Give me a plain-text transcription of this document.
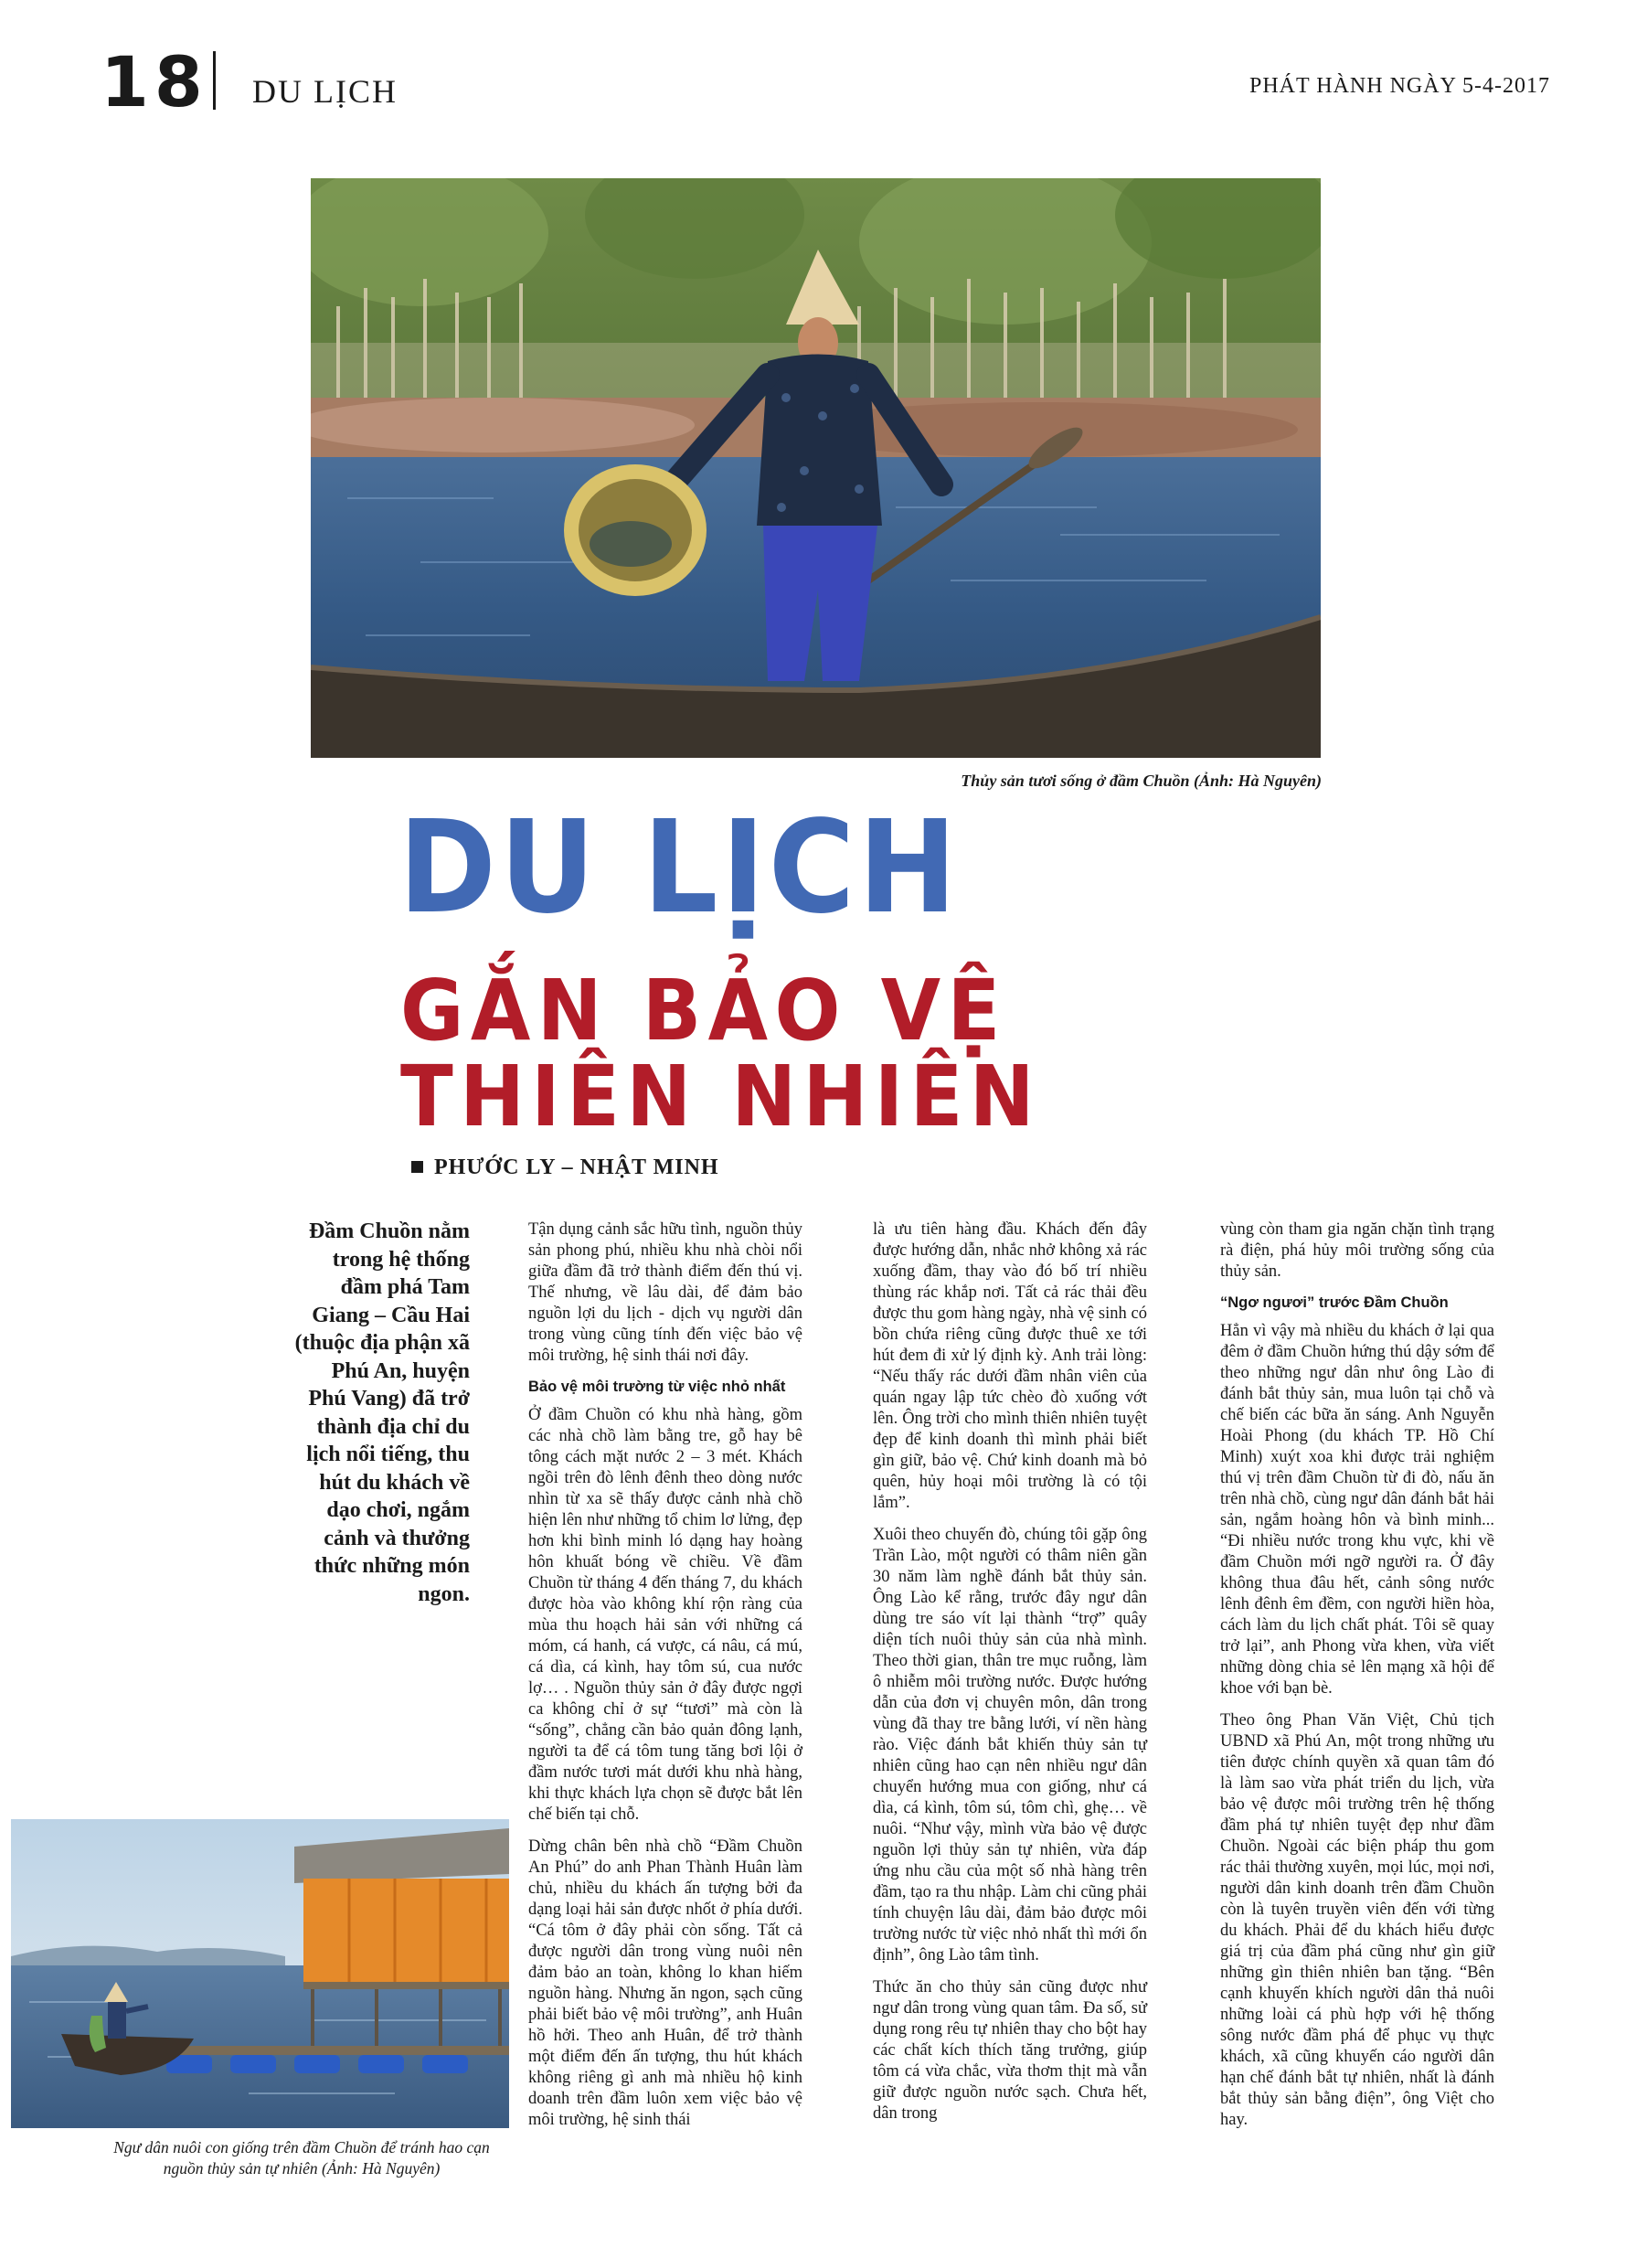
18 DU LỊCH	PHÁT HÀNH NGÀY 5-4-2017
Thủy sản tươi sống ở đầm Chuồn (Ảnh: Hà Nguyên)
DU LỊCH
GẮN BẢO VỆ
THIÊN NHIÊN
PHƯỚC LY – NHẬT MINH
Đầm Chuồn nằm trong hệ thống đầm phá Tam Giang – Cầu Hai (thuộc địa phận xã Phú An, huyện Phú Vang) đã trở thành địa chỉ du lịch nổi tiếng, thu hút du khách về dạo chơi, ngắm cảnh và thưởng thức những món ngon.
Ngư dân nuôi con giống trên đầm Chuồn để tránh hao cạn nguồn thủy sản tự nhiên (Ảnh: Hà Nguyên)

Tận dụng cảnh sắc hữu tình, nguồn thủy sản phong phú, nhiều khu nhà chòi nổi giữa đầm đã trở thành điểm đến thú vị. Thế nhưng, về lâu dài, để đảm bảo nguồn lợi du lịch - dịch vụ người dân trong vùng cũng tính đến việc bảo vệ môi trường, hệ sinh thái nơi đây.

Bảo vệ môi trường từ việc nhỏ nhất

Ở đầm Chuồn có khu nhà hàng, gồm các nhà chồ làm bằng tre, gỗ hay bê tông cách mặt nước 2 – 3 mét. Khách ngồi trên đò lênh đênh theo dòng nước nhìn từ xa sẽ thấy được cảnh nhà chồ hiện lên như những tổ chim lơ lửng, đẹp hơn khi bình minh ló dạng hay hoàng hôn khuất bóng về chiều. Về đầm Chuồn từ tháng 4 đến tháng 7, du khách được hòa vào không khí rộn ràng của mùa thu hoạch hải sản với những cá móm, cá hanh, cá vược, cá nâu, cá mú, cá dìa, cá kình, hay tôm sú, cua nước lợ… . Nguồn thủy sản ở đây được ngợi ca không chỉ ở sự “tươi” mà còn là “sống”, chẳng cần bảo quản đông lạnh, người ta để cá tôm tung tăng bơi lội ở đầm nước tươi mát dưới khu nhà hàng, khi thực khách lựa chọn sẽ được bắt lên chế biến tại chỗ.

Dừng chân bên nhà chồ “Đầm Chuồn An Phú” do anh Phan Thành Huân làm chủ, nhiều du khách ấn tượng bởi đa dạng loại hải sản được nhốt ở phía dưới. “Cá tôm ở đây phải còn sống. Tất cả được người dân trong vùng nuôi nên đảm bảo an toàn, không lo khan hiếm nguồn hàng. Nhưng ăn ngon, sạch cũng phải biết bảo vệ môi trường”, anh Huân hồ hởi. Theo anh Huân, để trở thành một điểm đến ấn tượng, thu hút khách không riêng gì anh mà nhiều hộ kinh doanh trên đầm luôn xem việc bảo vệ môi trường, hệ sinh thái

là ưu tiên hàng đầu. Khách đến đây được hướng dẫn, nhắc nhở không xả rác xuống đầm, thay vào đó bố trí nhiều thùng rác khắp nơi. Tất cả rác thải đều được thu gom hàng ngày, nhà vệ sinh có bồn chứa riêng cũng được thuê xe tới hút đem đi xử lý định kỳ. Anh trải lòng: “Nếu thấy rác dưới đầm nhân viên của quán ngay lập tức chèo đò xuống vớt lên. Ông trời cho mình thiên nhiên tuyệt đẹp để kinh doanh thì mình phải biết gìn giữ, bảo vệ. Chứ kinh doanh mà bỏ quên, hủy hoại môi trường là có tội lắm”.

Xuôi theo chuyến đò, chúng tôi gặp ông Trần Lào, một người có thâm niên gần 30 năm làm nghề đánh bắt thủy sản. Ông Lào kể rằng, trước đây ngư dân dùng tre sáo vít lại thành “trợ” quây diện tích nuôi thủy sản của nhà mình. Theo thời gian, thân tre mục ruỗng, làm ô nhiễm môi trường nước. Được hướng dẫn của đơn vị chuyên môn, dân trong vùng đã thay tre bằng lưới, ví nền hàng rào. Việc đánh bắt khiến thủy sản tự nhiên cũng hao cạn nên nhiều ngư dân chuyển hướng mua con giống, như cá dìa, cá kình, tôm sú, tôm chì, ghẹ… về nuôi. “Như vậy, mình vừa bảo vệ được nguồn lợi thủy sản tự nhiên, vừa đáp ứng nhu cầu của một số nhà hàng trên đầm, tạo ra thu nhập. Làm chi cũng phải tính chuyện lâu dài, đảm bảo được môi trường nước từ việc nhỏ nhất thì mới ổn định”, ông Lào tâm tình.

Thức ăn cho thủy sản cũng được như ngư dân trong vùng quan tâm. Đa số, sử dụng rong rêu tự nhiên thay cho bột hay các chất kích thích tăng trưởng, giúp tôm cá vừa chắc, vừa thơm thịt mà vẫn giữ được nguồn nước sạch. Chưa hết, dân trong

vùng còn tham gia ngăn chặn tình trạng rà điện, phá hủy môi trường sống của thủy sản.

“Ngơ ngươi” trước Đầm Chuồn

Hẳn vì vậy mà nhiều du khách ở lại qua đêm ở đầm Chuồn hứng thú dậy sớm để theo những ngư dân như ông Lào đi đánh bắt thủy sản, mua luôn tại chỗ và chế biến các bữa ăn sáng. Anh Nguyễn Hoài Phong (du khách TP. Hồ Chí Minh) xuýt xoa khi được trải nghiệm thú vị trên đầm Chuồn từ đi đò, nấu ăn trên nhà chồ, cùng ngư dân đánh bắt hải sản, ngắm hoàng hôn và bình minh... “Đi nhiều nước trong khu vực, khi về đầm Chuồn mới ngỡ người ra. Ở đây không thua đâu hết, cảnh sông nước lênh đênh êm đềm, con người hiền hòa, cách làm du lịch chất phát. Tôi sẽ quay trở lại”, anh Phong vừa khen, vừa viết những dòng chia sẻ lên mạng xã hội để khoe với bạn bè.

Theo ông Phan Văn Việt, Chủ tịch UBND xã Phú An, một trong những ưu tiên được chính quyền xã quan tâm đó là làm sao vừa phát triển du lịch, vừa bảo vệ được môi trường trên hệ thống đầm phá tự nhiên tuyệt đẹp như đầm Chuồn. Ngoài các biện pháp thu gom rác thải thường xuyên, mọi lúc, mọi nơi, người dân kinh doanh trên đầm Chuồn còn là tuyên truyền viên đến với từng du khách. Phải để du khách hiểu được giá trị của đầm phá cũng như gìn giữ những gìn thiên nhiên ban tặng. “Bên cạnh khuyến khích người dân thả nuôi những loài cá phù hợp với hệ thống sông nước đầm phá để phục vụ thực khách, xã cũng khuyến cáo người dân hạn chế đánh bắt tự nhiên, nhất là đánh bắt thủy sản bằng điện”, ông Việt cho hay.
